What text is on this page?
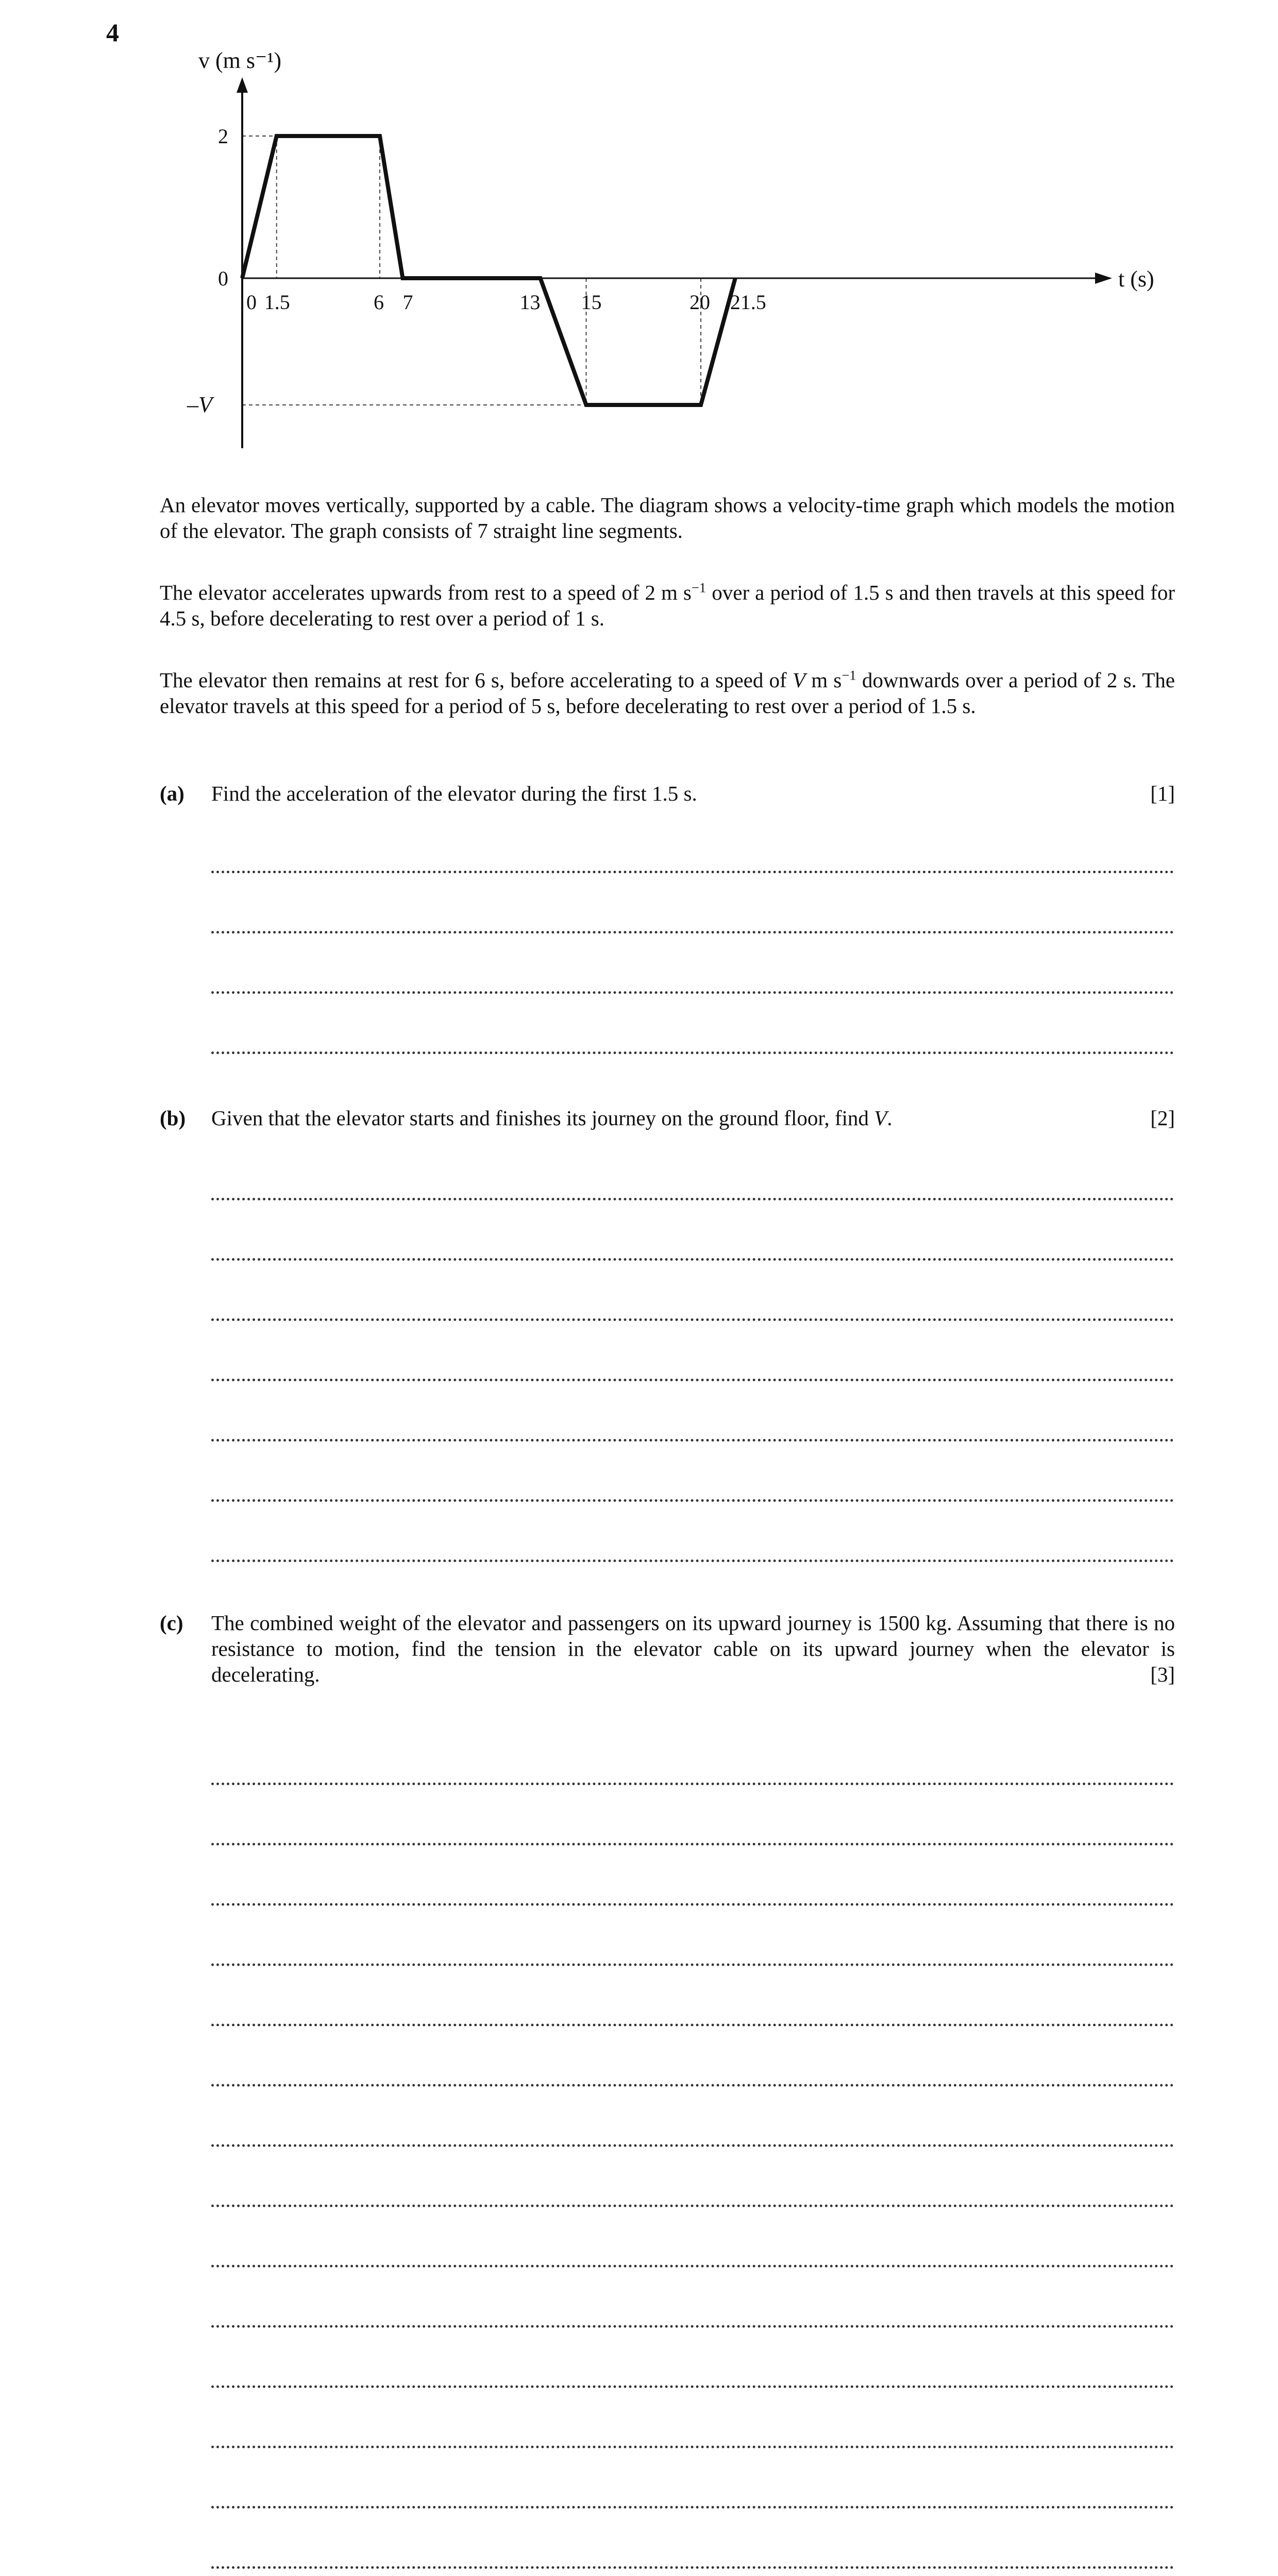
4
v (m s⁻¹)
t (s)
0 1.5	6 7	13 15	20 21.5
2
0
–V

An elevator moves vertically, supported by a cable. The diagram shows a velocity-time graph which models the motion of the elevator. The graph consists of 7 straight line segments.

The elevator accelerates upwards from rest to a speed of 2 m $s^{-1}$ over a period of 1.5 s and then travels at this speed for 4.5 s, before decelerating to rest over a period of 1 s.

The elevator then remains at rest for 6 s, before accelerating to a speed of V m $s^{-1}$ downwards over a period of 2 s. The elevator travels at this speed for a period of 5 s, before decelerating to rest over a period of 1.5 s.

(a) Find the acceleration of the elevator during the first 1.5 s.	[1]
(b) Given that the elevator starts and finishes its journey on the ground floor, find V.	[2]
(c) The combined weight of the elevator and passengers on its upward journey is 1500 kg. Assuming that there is no resistance to motion, find the tension in the elevator cable on its upward journey when the elevator is decelerating.	[3]
